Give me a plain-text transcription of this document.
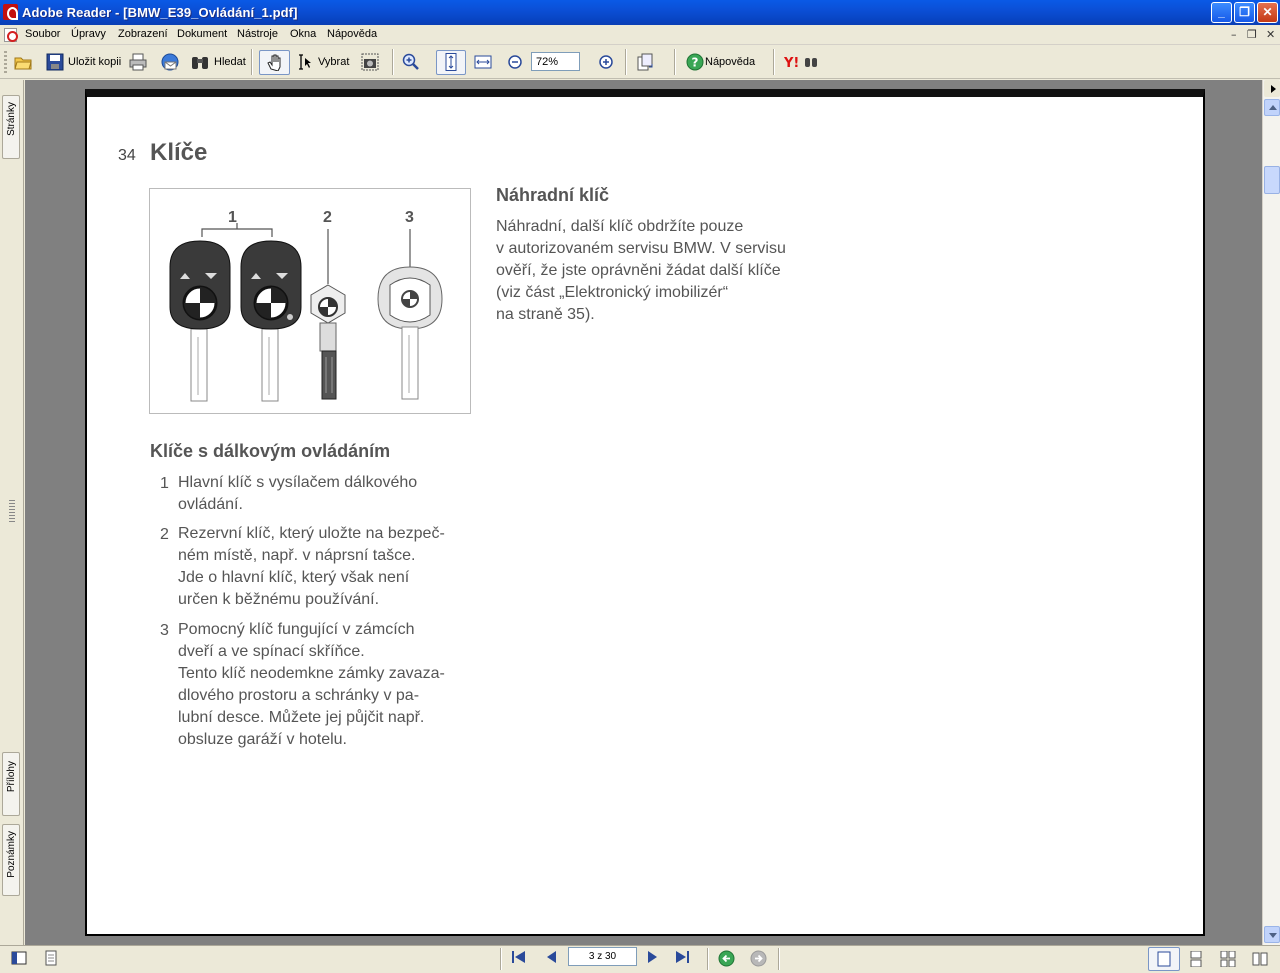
Adobe Reader - [BMW_E39_Ovládání_1.pdf]	_	❐	✕
Soubor Úpravy Zobrazení Dokument Nástroje Okna Nápověda	– ❐ ✕
Uložit kopii	Hledat	Vybrat	? Nápověda Y!
72%
Stránky
Přílohy
Poznámky
34 Klíče
1	2	3
Klíče s dálkovým ovládáním
1 Hlavní klíč s vysílačem dálkového
ovládání.
2 Rezervní klíč, který uložte na bezpeč-
ném místě, např. v náprsní tašce.
Jde o hlavní klíč, který však není
určen k běžnému používání.
3 Pomocný klíč fungující v zámcích
dveří a ve spínací skříňce.
Tento klíč neodemkne zámky zavaza-
dlového prostoru a schránky v pa-
lubní desce. Můžete jej půjčit např.
obsluze garáží v hotelu.
Náhradní klíč
Náhradní, další klíč obdržíte pouze
v autorizovaném servisu BMW. V servisu
ověří, že jste oprávněni žádat další klíče
(viz část „Elektronický imobilizér“
na straně 35).
3 z 30
